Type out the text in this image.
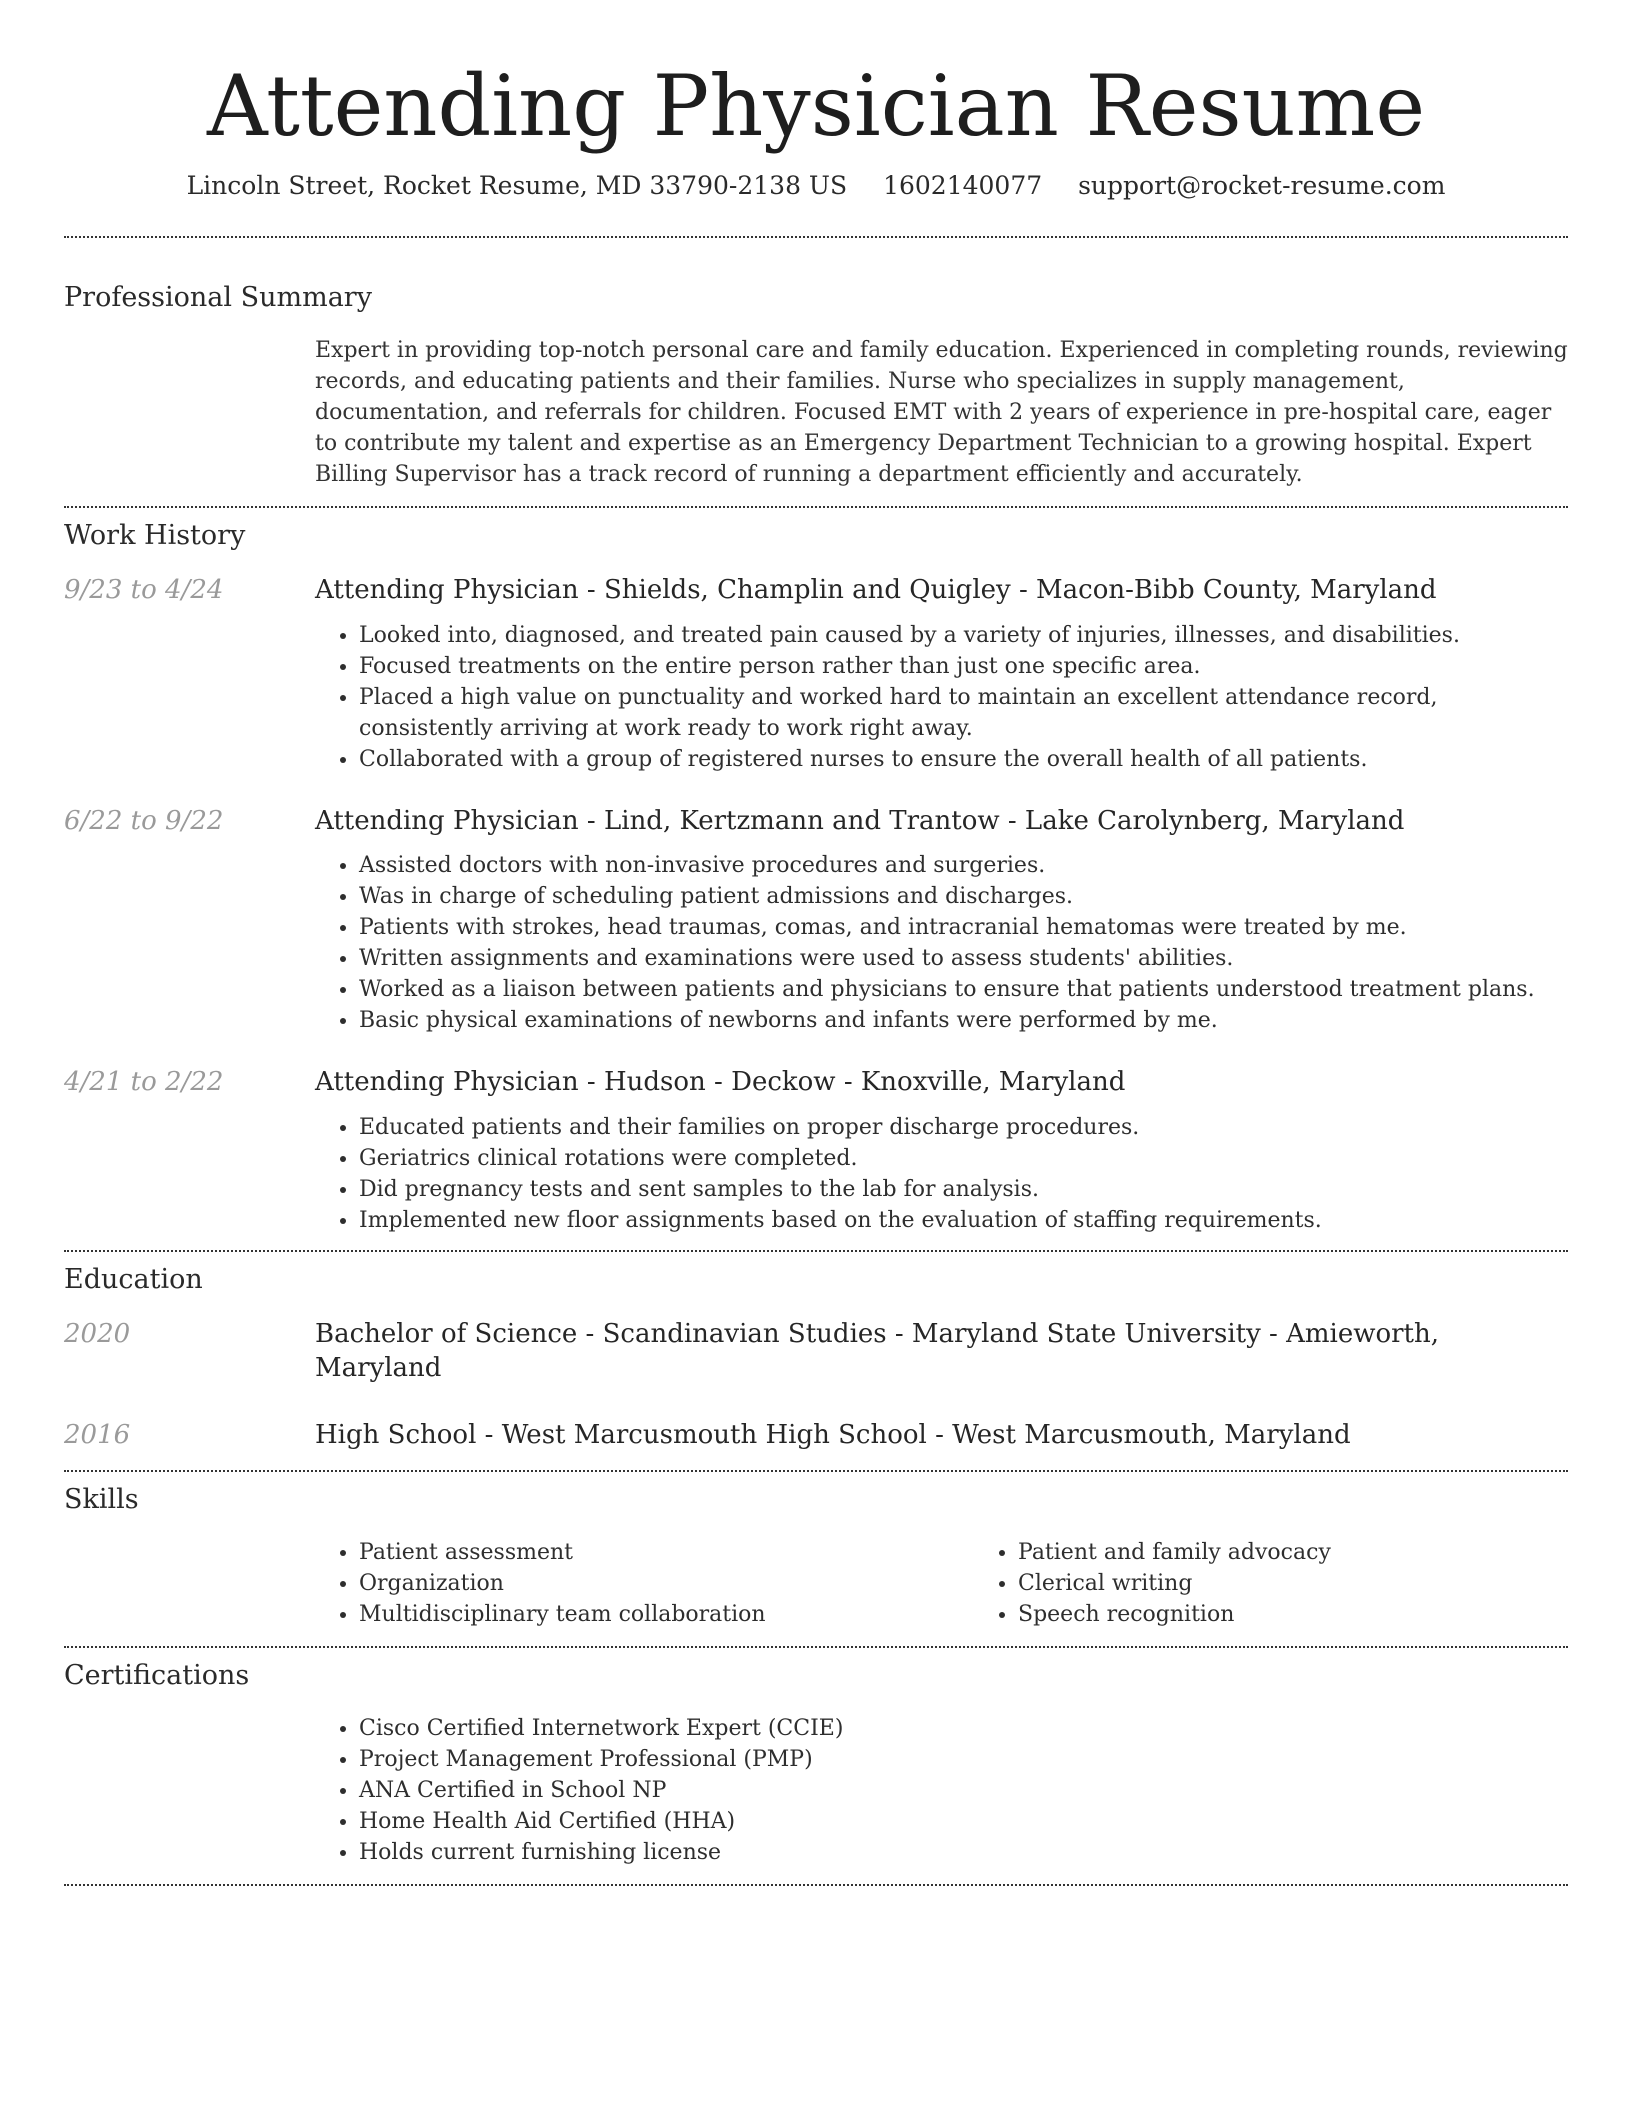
Attending Physician Resume
Lincoln Street, Rocket Resume, MD 33790-2138 US 1602140077 support@rocket-resume.com
Professional Summary

Expert in providing top-notch personal care and family education. Experienced in completing rounds, reviewing records, and educating patients and their families. Nurse who specializes in supply management, documentation, and referrals for children. Focused EMT with 2 years of experience in pre-hospital care, eager to contribute my talent and expertise as an Emergency Department Technician to a growing hospital. Expert Billing Supervisor has a track record of running a department efficiently and accurately.

Work History
9/23 to 4/24	Attending Physician - Shields, Champlin and Quigley - Macon-Bibb County, Maryland
• Looked into, diagnosed, and treated pain caused by a variety of injuries, illnesses, and disabilities.
• Focused treatments on the entire person rather than just one specific area.
• Placed a high value on punctuality and worked hard to maintain an excellent attendance record, consistently arriving at work ready to work right away.
• Collaborated with a group of registered nurses to ensure the overall health of all patients.
6/22 to 9/22	Attending Physician - Lind, Kertzmann and Trantow - Lake Carolynberg, Maryland
• Assisted doctors with non-invasive procedures and surgeries.
• Was in charge of scheduling patient admissions and discharges.
• Patients with strokes, head traumas, comas, and intracranial hematomas were treated by me.
• Written assignments and examinations were used to assess students' abilities.
• Worked as a liaison between patients and physicians to ensure that patients understood treatment plans.
• Basic physical examinations of newborns and infants were performed by me.
4/21 to 2/22	Attending Physician - Hudson - Deckow - Knoxville, Maryland
• Educated patients and their families on proper discharge procedures.
• Geriatrics clinical rotations were completed.
• Did pregnancy tests and sent samples to the lab for analysis.
• Implemented new floor assignments based on the evaluation of staffing requirements.
Education
2020	Bachelor of Science - Scandinavian Studies - Maryland State University - Amieworth, Maryland
2016	High School - West Marcusmouth High School - West Marcusmouth, Maryland
Skills
• Patient assessment
• Organization
• Multidisciplinary team collaboration
• Patient and family advocacy
• Clerical writing
• Speech recognition
Certifications
• Cisco Certified Internetwork Expert (CCIE)
• Project Management Professional (PMP)
• ANA Certified in School NP
• Home Health Aid Certified (HHA)
• Holds current furnishing license
